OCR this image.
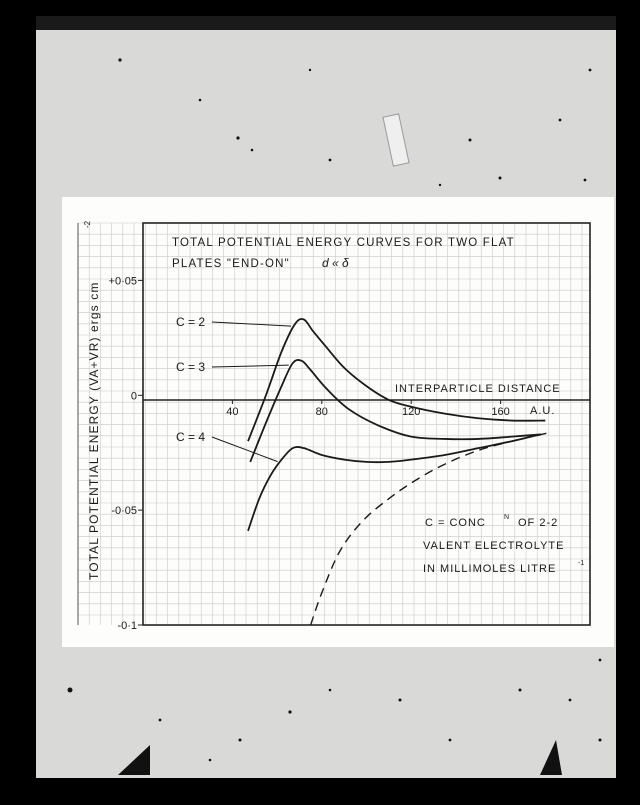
+0·05
0
-0·05
-0·1
40	80	120	160
TOTAL POTENTIAL ENERGY CURVES FOR TWO FLAT
PLATES "END-ON"	d « δ
INTERPARTICLE DISTANCE
A.U.
TOTAL POTENTIAL ENERGY (VA+VR) ergs cm
-2
C = 2
C = 3
C = 4
C = CONC	N OF 2-2
VALENT ELECTROLYTE
IN MILLIMOLES LITRE	-1
